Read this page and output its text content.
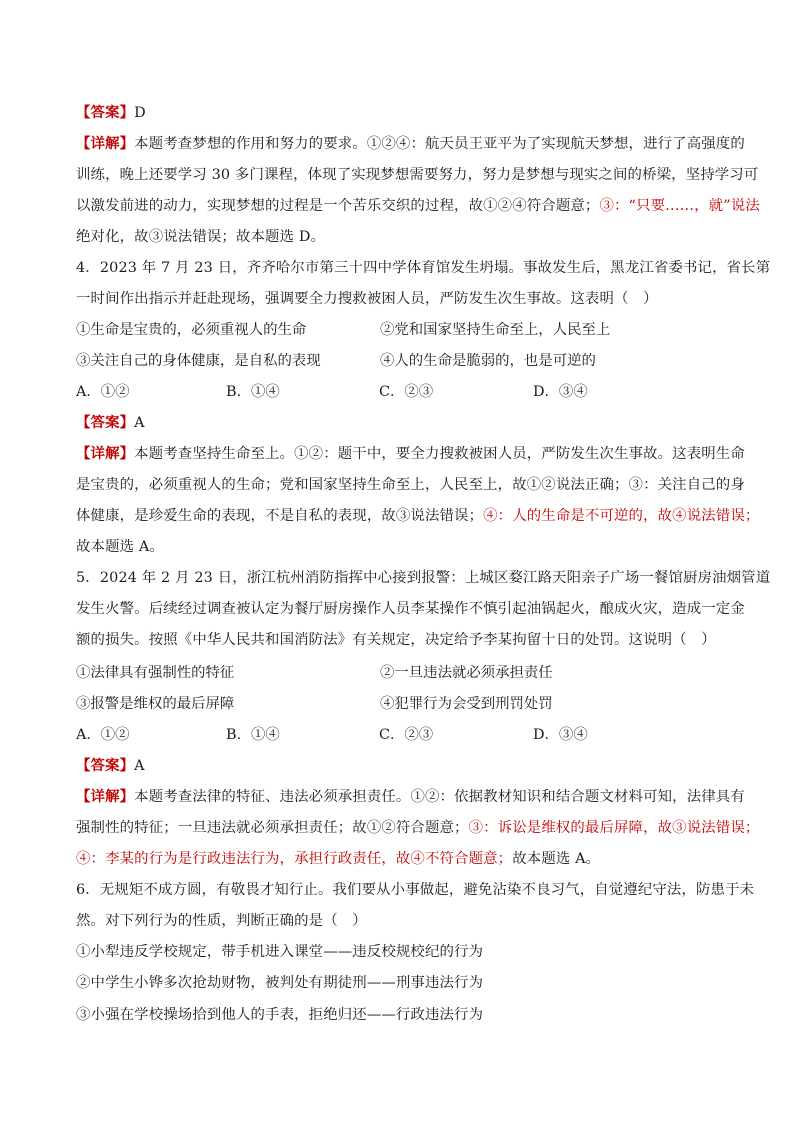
【答案】D
【详解】本题考查梦想的作用和努力的要求。①②④：航天员王亚平为了实现航天梦想，进行了高强度的
训练，晚上还要学习 30 多门课程，体现了实现梦想需要努力，努力是梦想与现实之间的桥梁，坚持学习可
以激发前进的动力，实现梦想的过程是一个苦乐交织的过程，故①②④符合题意；③：“只要……，就”说法
绝对化，故③说法错误；故本题选 D。
4．2023 年 7 月 23 日，齐齐哈尔市第三十四中学体育馆发生坍塌。事故发生后，黑龙江省委书记，省长第
一时间作出指示并赶赴现场，强调要全力搜救被困人员，严防发生次生事故。这表明（　）
①生命是宝贵的，必须重视人的生命	②党和国家坚持生命至上，人民至上
③关注自己的身体健康，是自私的表现	④人的生命是脆弱的，也是可逆的
A．①②	B．①④	C．②③	D．③④
【答案】A
【详解】本题考查坚持生命至上。①②：题干中，要全力搜救被困人员，严防发生次生事故。这表明生命
是宝贵的，必须重视人的生命；党和国家坚持生命至上，人民至上，故①②说法正确；③：关注自己的身
体健康，是珍爱生命的表现，不是自私的表现，故③说法错误；④：人的生命是不可逆的，故④说法错误；
故本题选 A。
5．2024 年 2 月 23 日，浙江杭州消防指挥中心接到报警：上城区婺江路天阳亲子广场一餐馆厨房油烟管道
发生火警。后续经过调查被认定为餐厅厨房操作人员李某操作不慎引起油锅起火，酿成火灾，造成一定金
额的损失。按照《中华人民共和国消防法》有关规定，决定给予李某拘留十日的处罚。这说明（　）
①法律具有强制性的特征	②一旦违法就必须承担责任
③报警是维权的最后屏障	④犯罪行为会受到刑罚处罚
A．①②	B．①④	C．②③	D．③④
【答案】A
【详解】本题考查法律的特征、违法必须承担责任。①②：依据教材知识和结合题文材料可知，法律具有
强制性的特征；一旦违法就必须承担责任；故①②符合题意；③：诉讼是维权的最后屏障，故③说法错误；
④：李某的行为是行政违法行为，承担行政责任，故④不符合题意；故本题选 A。
6．无规矩不成方圆，有敬畏才知行止。我们要从小事做起，避免沾染不良习气，自觉遵纪守法，防患于未
然。对下列行为的性质，判断正确的是（　）
①小犁违反学校规定，带手机进入课堂——违反校规校纪的行为
②中学生小铧多次抢劫财物，被判处有期徒刑——刑事违法行为
③小强在学校操场拾到他人的手表，拒绝归还——行政违法行为
